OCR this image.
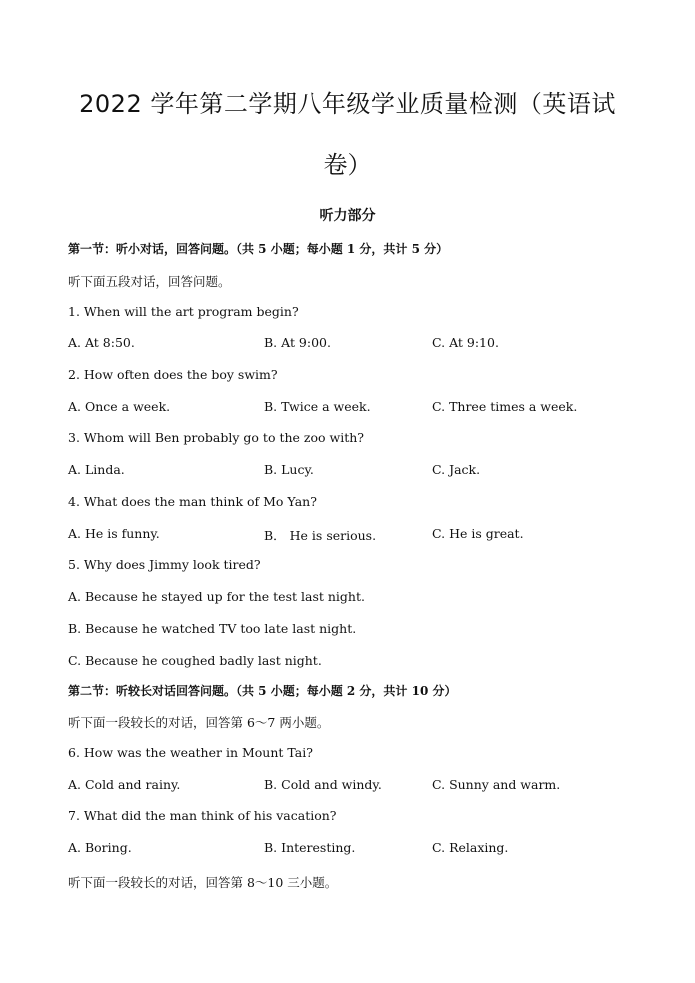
2022 学年第二学期八年级学业质量检测（英语试
卷）
听力部分
第一节：听小对话，回答问题。（共 5 小题；每小题 1 分，共计 5 分）
听下面五段对话，回答问题。
1. When will the art program begin?
A. At 8:50.	B. At 9:00.	C. At 9:10.
2. How often does the boy swim?
A. Once a week.	B. Twice a week.	C. Three times a week.
3. Whom will Ben probably go to the zoo with?
A. Linda.	B. Lucy.	C. Jack.
4. What does the man think of Mo Yan?
A. He is funny.	B． He is serious.	C. He is great.
5. Why does Jimmy look tired?
A. Because he stayed up for the test last night.
B. Because he watched TV too late last night.
C. Because he coughed badly last night.
第二节：听较长对话回答问题。（共 5 小题；每小题 2 分，共计 10 分）
听下面一段较长的对话，回答第 6～7 两小题。
6. How was the weather in Mount Tai?
A. Cold and rainy.	B. Cold and windy.	C. Sunny and warm.
7. What did the man think of his vacation?
A. Boring.	B. Interesting.	C. Relaxing.
听下面一段较长的对话，回答第 8～10 三小题。
